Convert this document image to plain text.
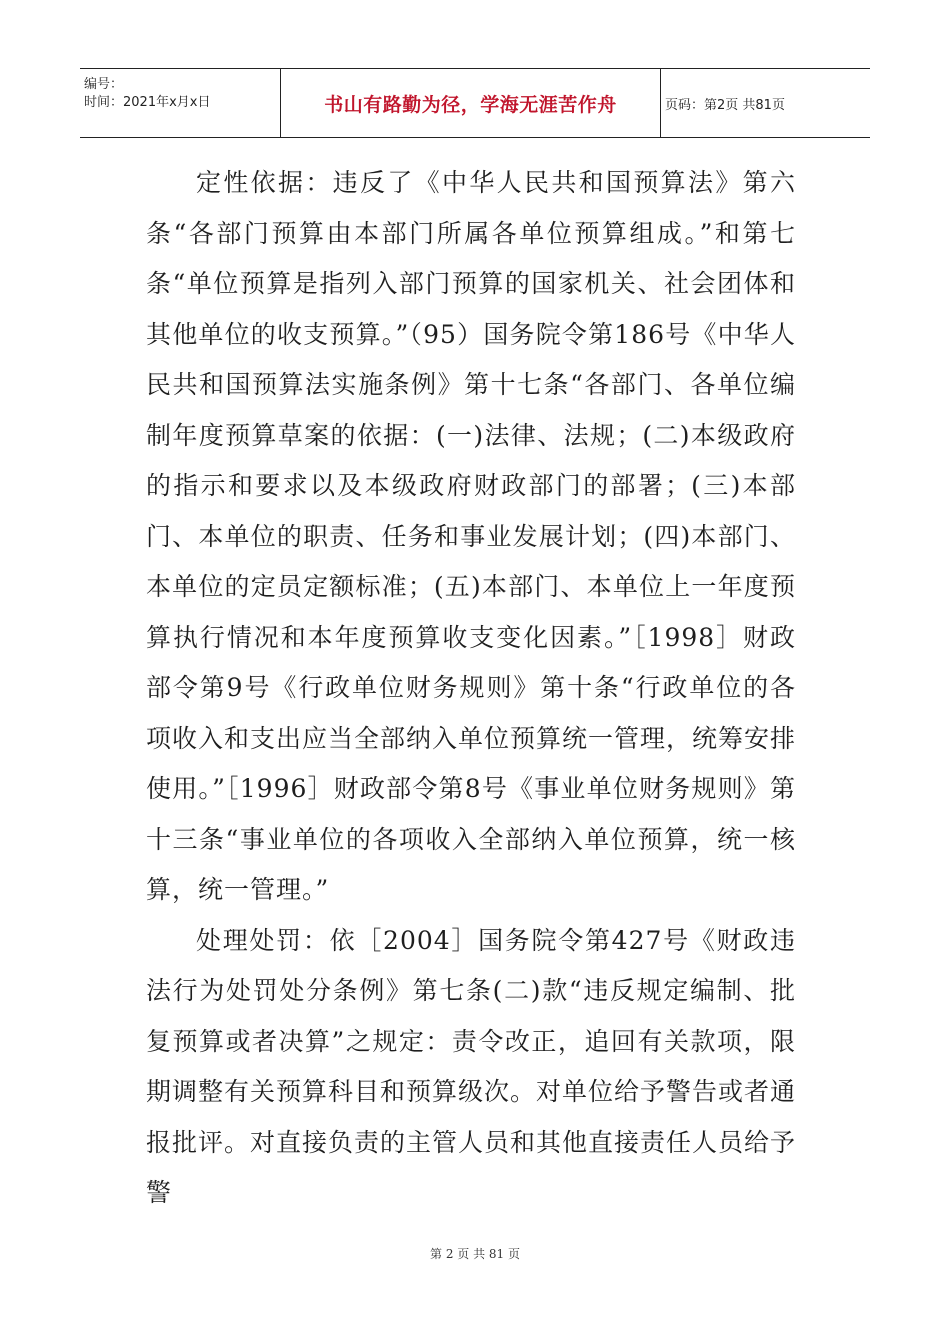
编号：
时间：2021年x月x日	书山有路勤为径，学海无涯苦作舟	页码：第2页 共81页

定性依据：违反了《中华人民共和国预算法》第六条“各部门预算由本部门所属各单位预算组成。”和第七条“单位预算是指列入部门预算的国家机关、社会团体和其他单位的收支预算。”（95）国务院令第186号《中华人民共和国预算法实施条例》第十七条“各部门、各单位编制年度预算草案的依据：(一)法律、法规；(二)本级政府的指示和要求以及本级政府财政部门的部署；(三)本部门、本单位的职责、任务和事业发展计划；(四)本部门、本单位的定员定额标准；(五)本部门、本单位上一年度预算执行情况和本年度预算收支变化因素。”［1998］财政部令第9号《行政单位财务规则》第十条“行政单位的各项收入和支出应当全部纳入单位预算统一管理，统筹安排使用。”［1996］财政部令第8号《事业单位财务规则》第十三条“事业单位的各项收入全部纳入单位预算，统一核算，统一管理。”

处理处罚：依［2004］国务院令第427号《财政违法行为处罚处分条例》第七条(二)款“违反规定编制、批复预算或者决算”之规定：责令改正，追回有关款项，限期调整有关预算科目和预算级次。对单位给予警告或者通报批评。对直接负责的主管人员和其他直接责任人员给予警

第 2 页 共 81 页
